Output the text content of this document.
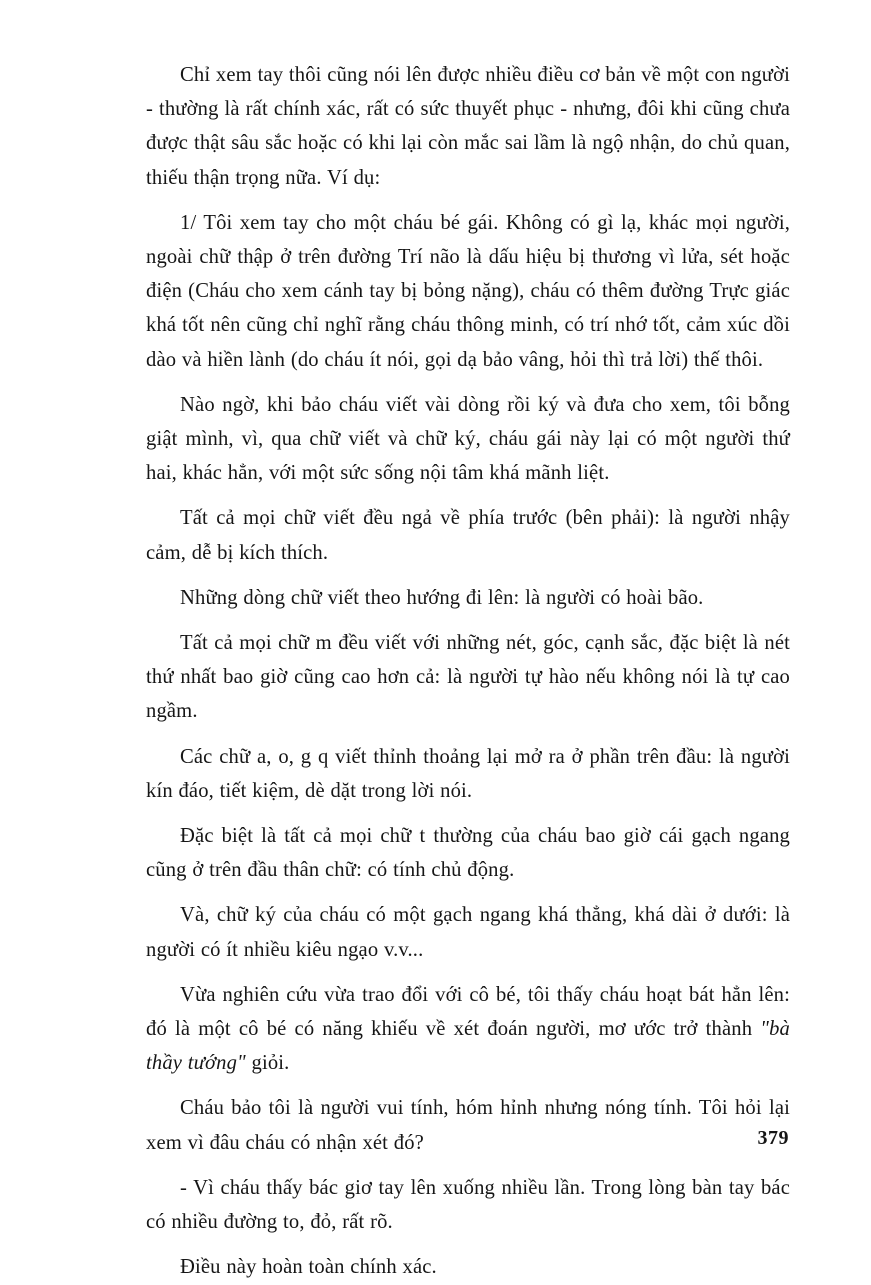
Chỉ xem tay thôi cũng nói lên được nhiều điều cơ bản về một con người - thường là rất chính xác, rất có sức thuyết phục - nhưng, đôi khi cũng chưa được thật sâu sắc hoặc có khi lại còn mắc sai lầm là ngộ nhận, do chủ quan, thiếu thận trọng nữa. Ví dụ:

1/ Tôi xem tay cho một cháu bé gái. Không có gì lạ, khác mọi người, ngoài chữ thập ở trên đường Trí não là dấu hiệu bị thương vì lửa, sét hoặc điện (Cháu cho xem cánh tay bị bỏng nặng), cháu có thêm đường Trực giác khá tốt nên cũng chỉ nghĩ rằng cháu thông minh, có trí nhớ tốt, cảm xúc dồi dào và hiền lành (do cháu ít nói, gọi dạ bảo vâng, hỏi thì trả lời) thế thôi.

Nào ngờ, khi bảo cháu viết vài dòng rồi ký và đưa cho xem, tôi bỗng giật mình, vì, qua chữ viết và chữ ký, cháu gái này lại có một người thứ hai, khác hẳn, với một sức sống nội tâm khá mãnh liệt.

Tất cả mọi chữ viết đều ngả về phía trước (bên phải): là người nhậy cảm, dễ bị kích thích.

Những dòng chữ viết theo hướng đi lên: là người có hoài bão.

Tất cả mọi chữ m đều viết với những nét, góc, cạnh sắc, đặc biệt là nét thứ nhất bao giờ cũng cao hơn cả: là người tự hào nếu không nói là tự cao ngầm.

Các chữ a, o, g q viết thỉnh thoảng lại mở ra ở phần trên đầu: là người kín đáo, tiết kiệm, dè dặt trong lời nói.

Đặc biệt là tất cả mọi chữ t thường của cháu bao giờ cái gạch ngang cũng ở trên đầu thân chữ: có tính chủ động.

Và, chữ ký của cháu có một gạch ngang khá thẳng, khá dài ở dưới: là người có ít nhiều kiêu ngạo v.v...

Vừa nghiên cứu vừa trao đổi với cô bé, tôi thấy cháu hoạt bát hẳn lên: đó là một cô bé có năng khiếu về xét đoán người, mơ ước trở thành "bà thầy tướng" giỏi.

Cháu bảo tôi là người vui tính, hóm hỉnh nhưng nóng tính. Tôi hỏi lại xem vì đâu cháu có nhận xét đó?

- Vì cháu thấy bác giơ tay lên xuống nhiều lần. Trong lòng bàn tay bác có nhiều đường to, đỏ, rất rõ.

Điều này hoàn toàn chính xác.

379
